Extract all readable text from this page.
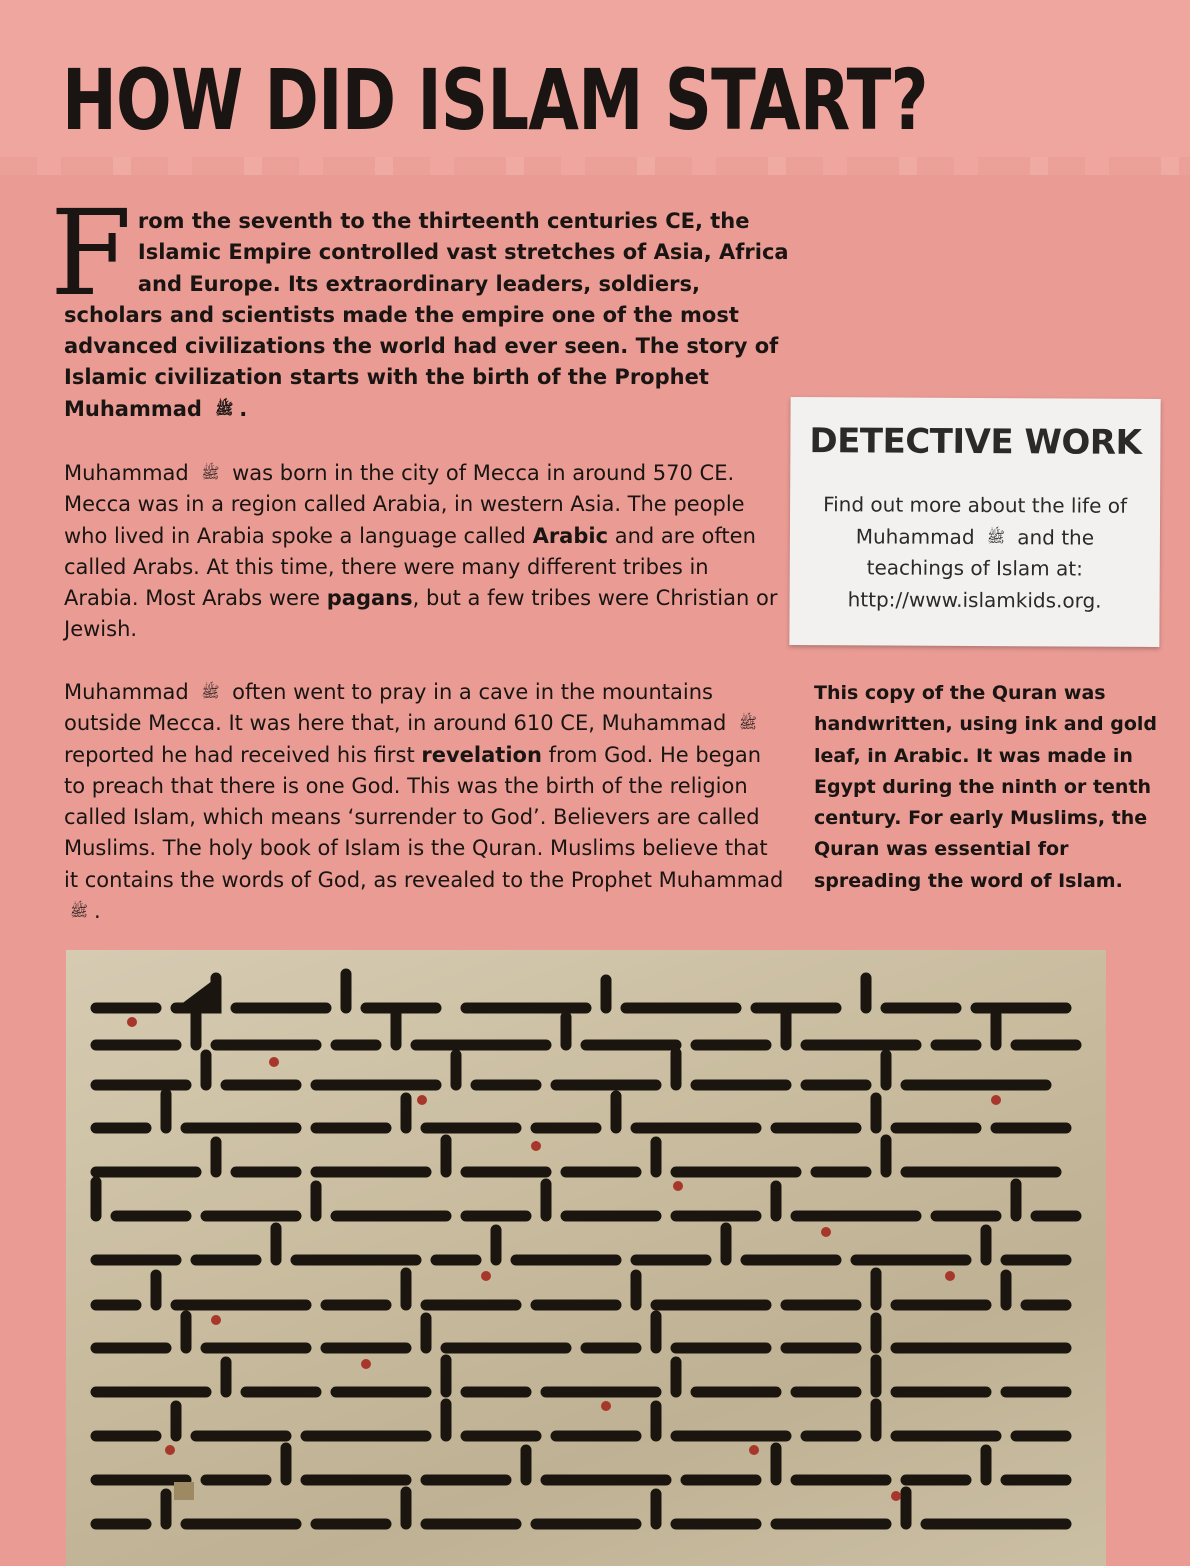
HOW DID ISLAM START?

From the seventh to the thirteenth centuries CE, the Islamic Empire controlled vast stretches of Asia, Africa and Europe. Its extraordinary leaders, soldiers, scholars and scientists made the empire one of the most advanced civilizations the world had ever seen. The story of Islamic civilization starts with the birth of the Prophet Muhammad ﷺ .

Muhammad ﷺ was born in the city of Mecca in around 570 CE. Mecca was in a region called Arabia, in western Asia. The people who lived in Arabia spoke a language called Arabic and are often called Arabs. At this time, there were many different tribes in Arabia. Most Arabs were pagans, but a few tribes were Christian or Jewish.

Muhammad ﷺ often went to pray in a cave in the mountains outside Mecca. It was here that, in around 610 CE, Muhammad ﷺ reported he had received his first revelation from God. He began to preach that there is one God. This was the birth of the religion called Islam, which means ‘surrender to God’. Believers are called Muslims. The holy book of Islam is the Quran. Muslims believe that it contains the words of God, as revealed to the Prophet Muhammad ﷺ .

DETECTIVE WORK
Find out more about the life of Muhammad ﷺ and the teachings of Islam at:
http://www.islamkids.org.

This copy of the Quran was handwritten, using ink and gold leaf, in Arabic. It was made in Egypt during the ninth or tenth century. For early Muslims, the Quran was essential for spreading the word of Islam.
